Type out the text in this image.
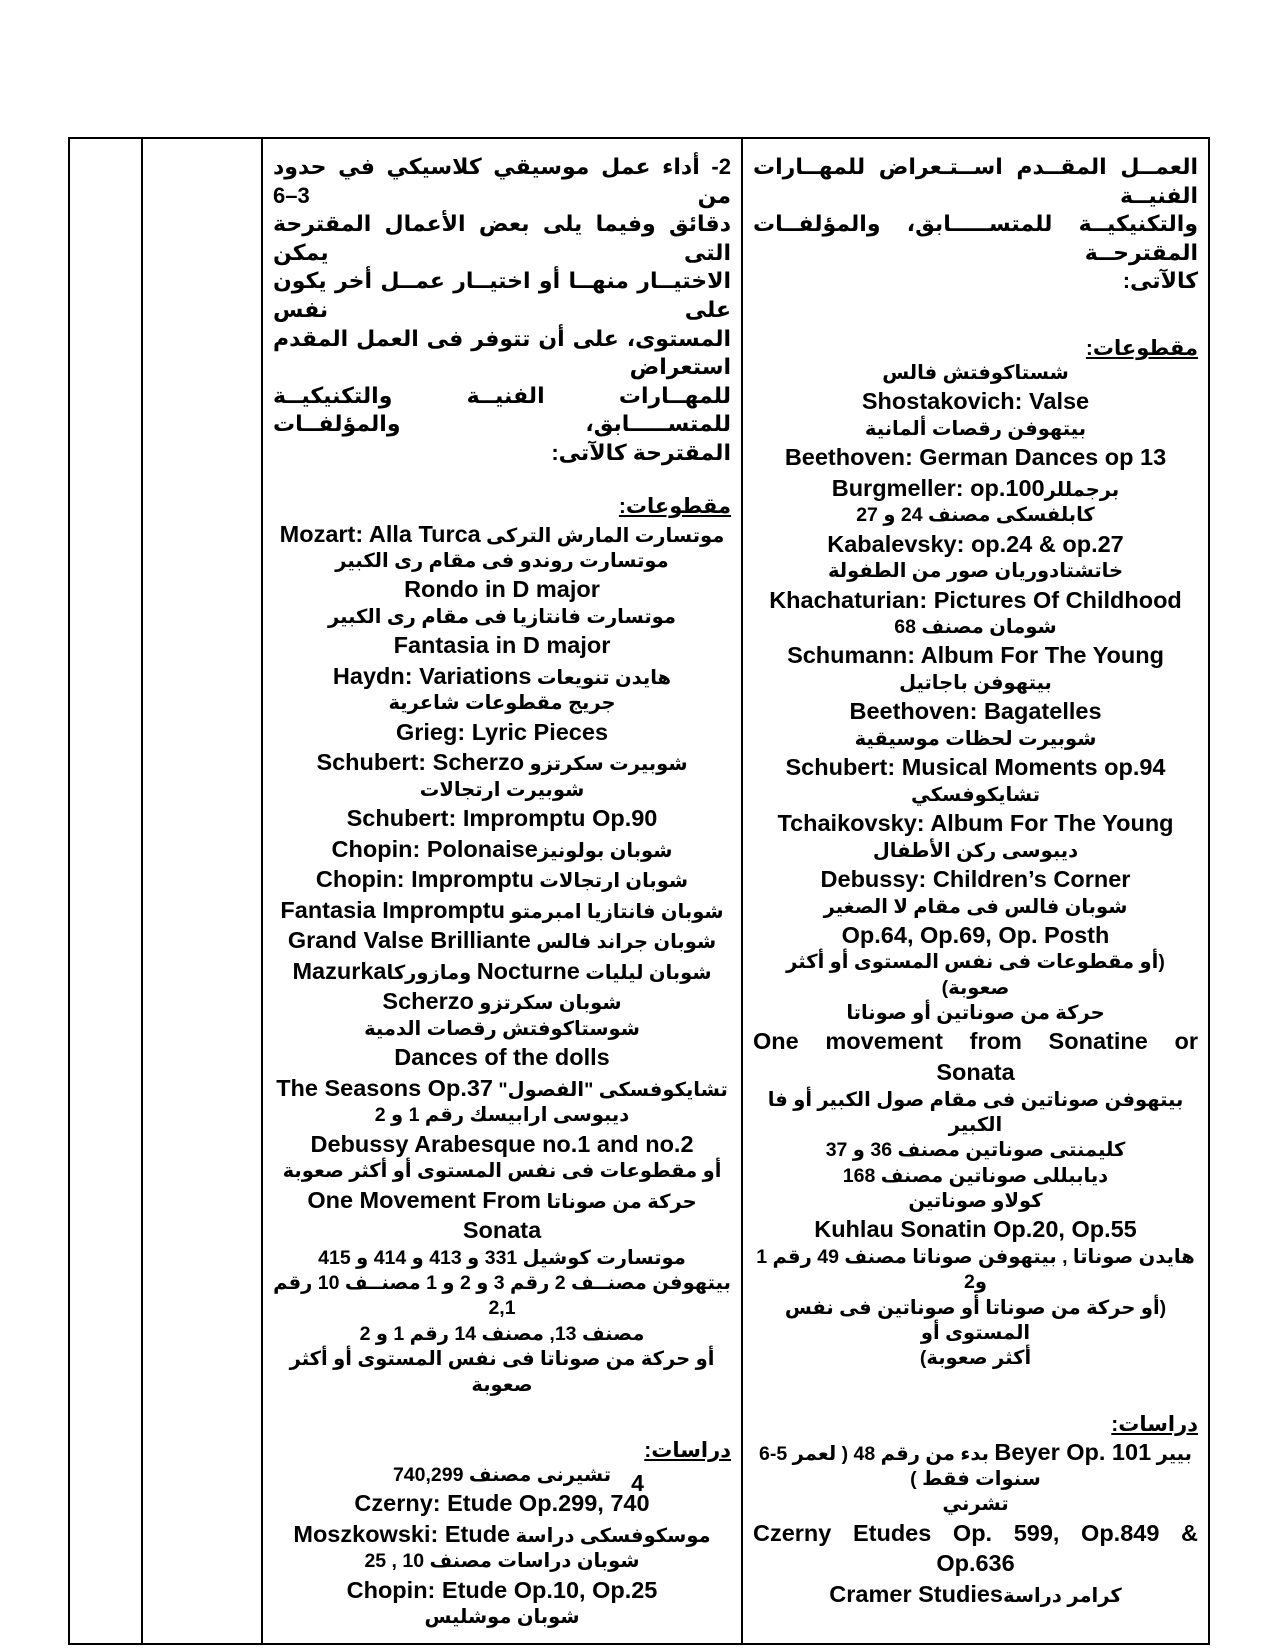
العمــل المقــدم اســتـعراض للمهــارات الفنيــة
والتكنيكيــة للمتســـــابق، والمؤلفــات المقترحــة
كالآتى:
مقطوعات:
شستاكوفتش فالس
Shostakovich: Valse
بيتهوفن رقصات ألمانية
Beethoven: German Dances op 13
برجمللرBurgmeller: op.100
كابلفسكى مصنف 24 و 27
Kabalevsky: op.24 & op.27
خاتشتادوريان صور من الطفولة
Khachaturian: Pictures Of Childhood
شومان مصنف 68
Schumann: Album For The Young
بيتهوفن باجاتيل
Beethoven: Bagatelles
شوبيرت لحظات موسيقية
Schubert: Musical Moments op.94
تشايكوفسكي
Tchaikovsky: Album For The Young
ديبوسى ركن الأطفال
Debussy: Children’s Corner
شوبان فالس فى مقام لا الصغير
Op.64, Op.69, Op. Posth
(أو مقطوعات فى نفس المستوى أو أكثر صعوبة)
حركة من صوناتين أو صوناتا
One movement from Sonatine or
Sonata
بيتهوفن صوناتين فى مقام صول الكبير أو فا الكبير
كليمنتى صوناتين مصنف 36 و 37
دياببللى صوناتين مصنف 168
كولاو صوناتين
Kuhlau Sonatin Op.20, Op.55
هايدن صوناتا , بيتهوفن صوناتا مصنف 49 رقم 1 و2
(أو حركة من صوناتا أو صوناتين فى نفس المستوى أو
أكثر صعوبة)
دراسات:
بيير Beyer Op. 101 بدء من رقم 48 ( لعمر 5-6
سنوات فقط )
تشرني
Czerny Etudes Op. 599, Op.849 &
Op.636
كرامر دراسةCramer Studies

2- أداء عمل موسيقي كلاسيكي في حدود من 3–6
دقائق وفيما يلى بعض الأعمال المقترحة التى يمكن
الاختيــار منهــا أو اختيــار عمــل أخر يكون على نفس
المستوى، على أن تتوفر فى العمل المقدم استعراض
للمهــارات الفنيــة والتكنيكيــة للمتســـــابق، والمؤلفــات
المقترحة كالآتى:
مقطوعات:
موتسارت المارش التركى Mozart: Alla Turca
موتسارت روندو فى مقام رى الكبير
Rondo in D major
موتسارت فانتازيا فى مقام رى الكبير
Fantasia in D major
هايدن تنويعات Haydn: Variations
جريج مقطوعات شاعرية
Grieg: Lyric Pieces
شوبيرت سكرتزو Schubert: Scherzo
شوبيرت ارتجالات
Schubert: Impromptu Op.90
شوبان بولونيزChopin: Polonaise
شوبان ارتجالات Chopin: Impromptu
شوبان فانتازيا امبرمتو Fantasia Impromptu
شوبان جراند فالس Grand Valse Brilliante
شوبان ليليات Nocturne ومازوركاMazurka
شوبان سكرتزو Scherzo
شوستاكوفتش رقصات الدمية
Dances of the dolls
تشايكوفسكى "الفصول" The Seasons Op.37
ديبوسى ارابيسك رقم 1 و 2
Debussy Arabesque no.1 and no.2
أو مقطوعات فى نفس المستوى أو أكثر صعوبة
حركة من صوناتا One Movement From Sonata
موتسارت كوشيل 331 و 413 و 414 و 415
بيتهوفن مصنــف 2 رقم 3 و 2 و 1 مصنــف 10 رقم 2,1
مصنف 13, مصنف 14 رقم 1 و 2
أو حركة من صوناتا فى نفس المستوى أو أكثر صعوبة
دراسات:
تشيرنى مصنف 740,299
Czerny: Etude Op.299, 740
موسكوفسكى دراسة Moszkowski: Etude
شوبان دراسات مصنف 10 , 25
Chopin: Etude Op.10, Op.25
شوبان موشليس

4
